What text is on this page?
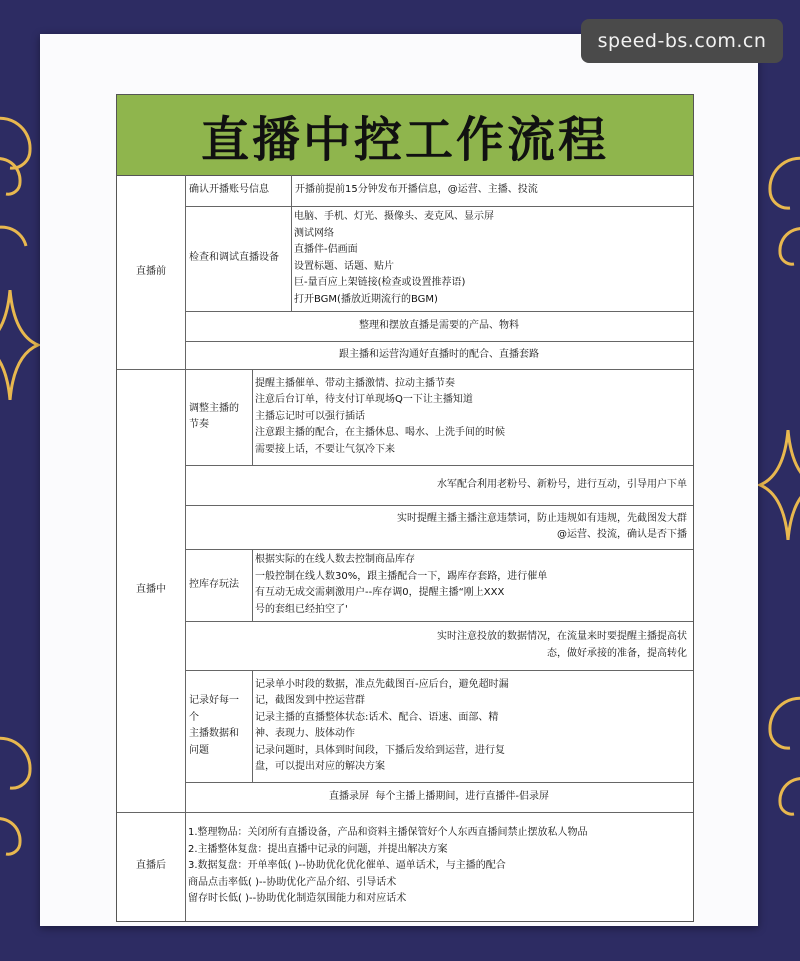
speed-bs.com.cn
直播中控工作流程
直播前
确认开播账号信息	开播前提前15分钟发布开播信息，@运营、主播、投流
检查和调试直播设备
电脑、手机、灯光、摄像头、麦克风、显示屏
测试网络
直播伴-侣画面
设置标题、话题、贴片
巨-量百应上架链接(检查或设置推荐语)
打开BGM(播放近期流行的BGM)
整理和摆放直播是需要的产品、物料
跟主播和运营沟通好直播时的配合、直播套路
直播中
调整主播的
节奏
提醒主播催单、带动主播激情、拉动主播节奏
注意后台订单，待支付订单现场Q一下让主播知道
主播忘记时可以强行插话
注意跟主播的配合，在主播休息、喝水、上洗手间的时候
需要接上话，不要让气氛冷下来
水军配合利用老粉号、新粉号，进行互动，引导用户下单
实时提醒主播主播注意违禁词，防止违规如有违规，先截图发大群
@运营、投流，确认是否下播
控库存玩法
根据实际的在线人数去控制商品库存
一般控制在线人数30%，跟主播配合一下，踢库存套路，进行催单
有互动无成交需刺激用户--库存调0，提醒主播“刚上XXX
号的套组已经拍空了'
实时注意投放的数据情况，在流量来时要提醒主播提高状
态，做好承接的准备，提高转化
记录好每一
个
主播数据和
问题
记录单小时段的数据，准点先截图百-应后台，避免超时漏
记，截图发到中控运营群
记录主播的直播整体状态:话术、配合、语速、面部、精
神、表现力、肢体动作
记录问题时，具体到时间段，下播后发给到运营，进行复
盘，可以提出对应的解决方案
直播录屏  每个主播上播期间，进行直播伴-侣录屏
直播后
1.整理物品：关闭所有直播设备，产品和资料主播保管好个人东西直播间禁止摆放私人物品
2.主播整体复盘：提出直播中记录的问题，并提出解决方案
3.数据复盘：开单率低( )--协助优化优化催单、逼单话术，与主播的配合
商品点击率低( )--协助优化产品介绍、引导话术
留存时长低( )--协助优化制造氛围能力和对应话术
